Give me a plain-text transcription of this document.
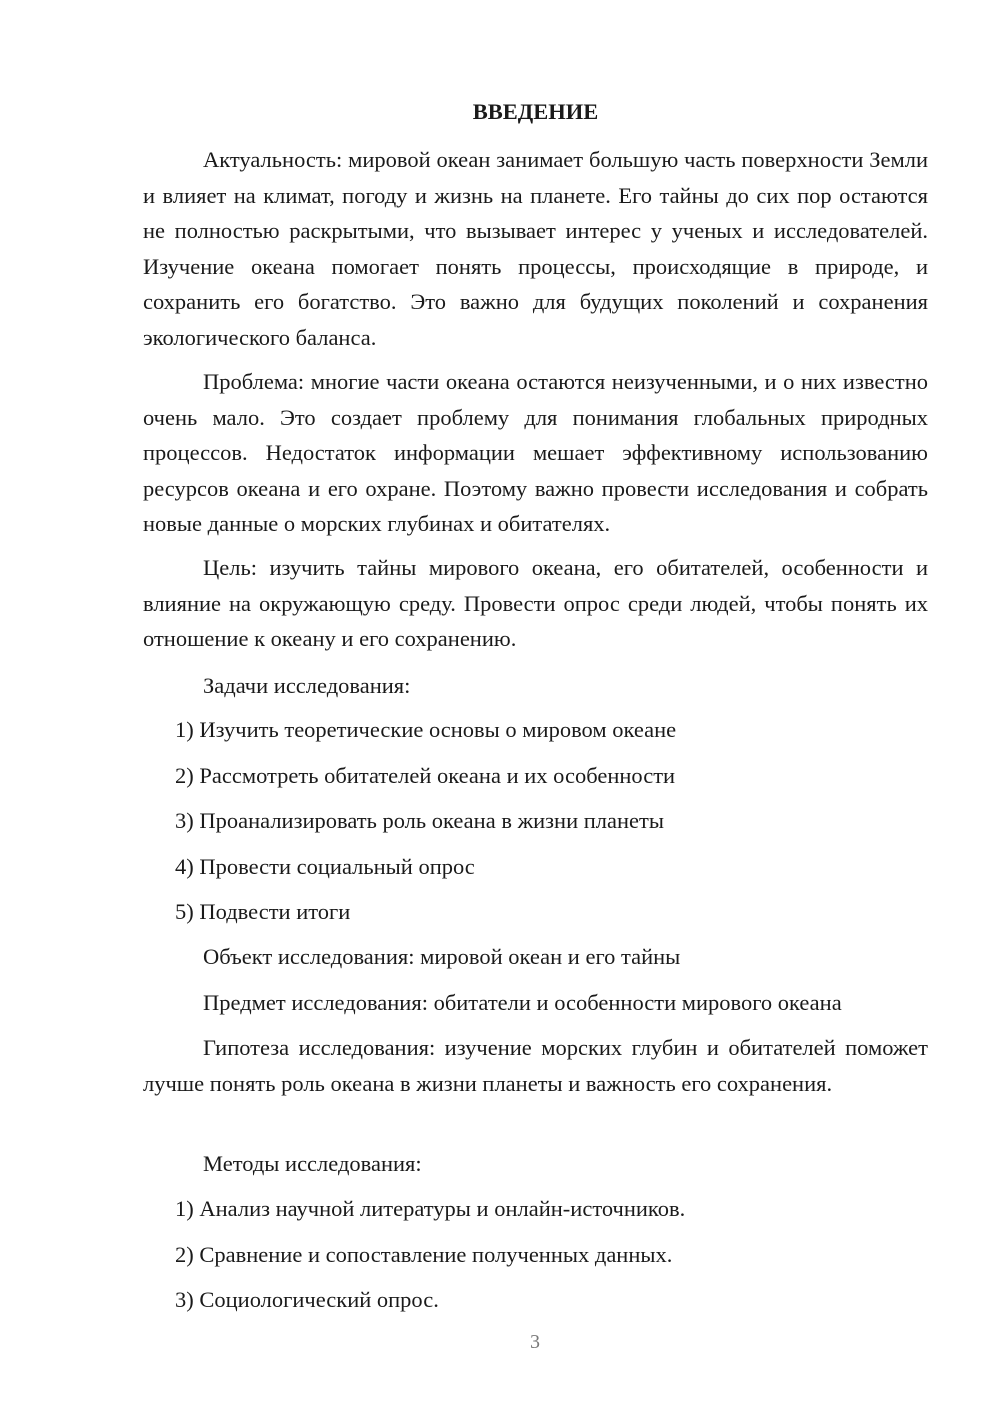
ВВЕДЕНИЕ

Актуальность: мировой океан занимает большую часть поверхности Земли и влияет на климат, погоду и жизнь на планете. Его тайны до сих пор остаются не полностью раскрытыми, что вызывает интерес у ученых и исследователей. Изучение океана помогает понять процессы, происходящие в природе, и сохранить его богатство. Это важно для будущих поколений и сохранения экологического баланса.

Проблема: многие части океана остаются неизученными, и о них известно очень мало. Это создает проблему для понимания глобальных природных процессов. Недостаток информации мешает эффективному использованию ресурсов океана и его охране. Поэтому важно провести исследования и собрать новые данные о морских глубинах и обитателях.

Цель: изучить тайны мирового океана, его обитателей, особенности и влияние на окружающую среду. Провести опрос среди людей, чтобы понять их отношение к океану и его сохранению.

Задачи исследования:

1) Изучить теоретические основы о мировом океане

2) Рассмотреть обитателей океана и их особенности

3) Проанализировать роль океана в жизни планеты

4) Провести социальный опрос

5) Подвести итоги

Объект исследования: мировой океан и его тайны

Предмет исследования: обитатели и особенности мирового океана

Гипотеза исследования: изучение морских глубин и обитателей поможет лучше понять роль океана в жизни планеты и важность его сохранения.

Методы исследования:

1) Анализ научной литературы и онлайн-источников.

2) Сравнение и сопоставление полученных данных.

3) Социологический опрос.

3
